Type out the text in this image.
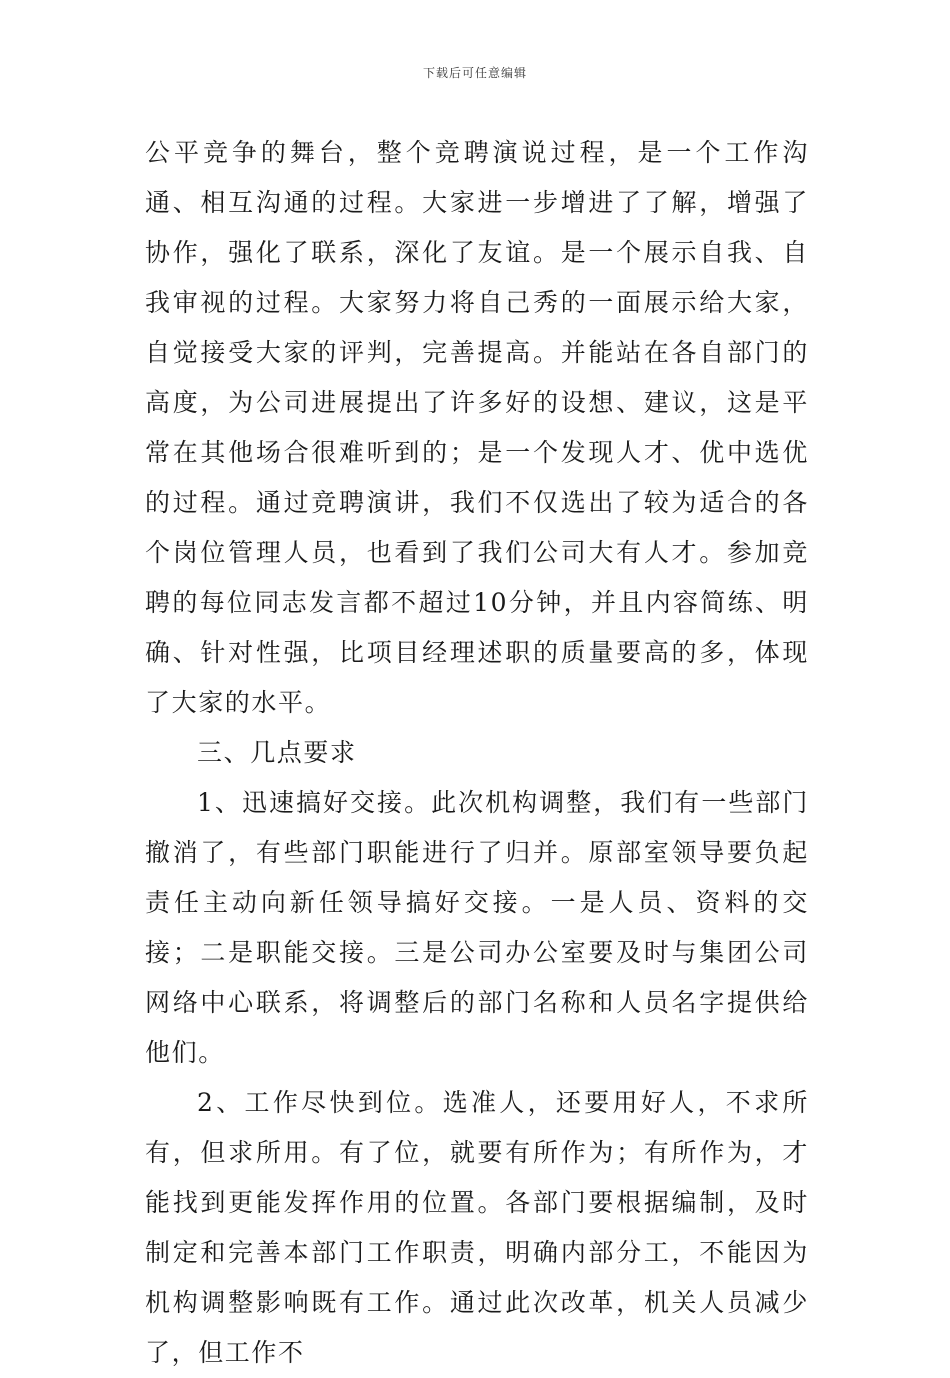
下载后可任意编辑

公平竞争的舞台，整个竞聘演说过程，是一个工作沟通、相互沟通的过程。大家进一步增进了了解，增强了协作，强化了联系，深化了友谊。是一个展示自我、自我审视的过程。大家努力将自己秀的一面展示给大家，自觉接受大家的评判，完善提高。并能站在各自部门的高度，为公司进展提出了许多好的设想、建议，这是平常在其他场合很难听到的；是一个发现人才、优中选优的过程。通过竞聘演讲，我们不仅选出了较为适合的各个岗位管理人员，也看到了我们公司大有人才。参加竞聘的每位同志发言都不超过10分钟，并且内容简练、明确、针对性强，比项目经理述职的质量要高的多，体现了大家的水平。

三、几点要求

1、迅速搞好交接。此次机构调整，我们有一些部门撤消了，有些部门职能进行了归并。原部室领导要负起责任主动向新任领导搞好交接。一是人员、资料的交接；二是职能交接。三是公司办公室要及时与集团公司网络中心联系，将调整后的部门名称和人员名字提供给他们。

2、工作尽快到位。选准人，还要用好人，不求所有，但求所用。有了位，就要有所作为；有所作为，才能找到更能发挥作用的位置。各部门要根据编制，及时制定和完善本部门工作职责，明确内部分工，不能因为机构调整影响既有工作。通过此次改革，机关人员减少了，但工作不
